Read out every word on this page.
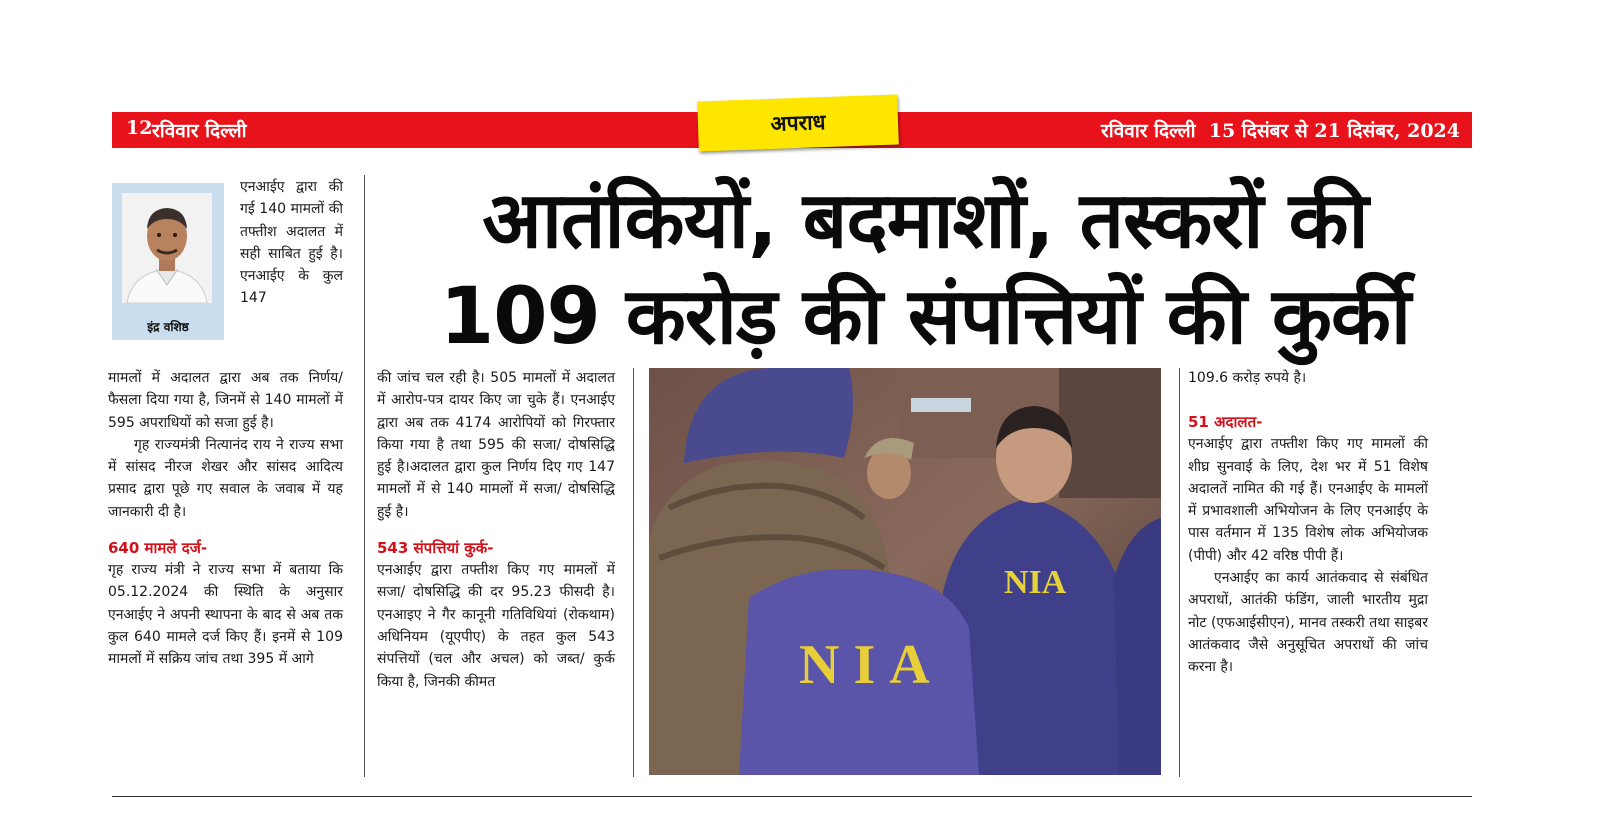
12 रविवार दिल्ली	रविवार दिल्ली 15 दिसंबर से 21 दिसंबर, 2024
अपराध
आतंकियों, बदमाशों, तस्करों की
109 करोड़ की संपत्तियों की कुर्की
इंद्र वशिष्ठ

एनआईए द्वारा की गई 140 मामलों की तफ्तीश अदालत में सही साबित हुई है। एनआईए के कुल 147

मामलों में अदालत द्वारा अब तक निर्णय/ फैसला दिया गया है, जिनमें से 140 मामलों में 595 अपराधियों को सजा हुई है।

गृह राज्यमंत्री नित्यानंद राय ने राज्य सभा में सांसद नीरज शेखर और सांसद आदित्य प्रसाद द्वारा पूछे गए सवाल के जवाब में यह जानकारी दी है।

640 मामले दर्ज-

गृह राज्य मंत्री ने राज्य सभा में बताया कि 05.12.2024 की स्थिति के अनुसार एनआईए ने अपनी स्थापना के बाद से अब तक कुल 640 मामले दर्ज किए हैं। इनमें से 109 मामलों में सक्रिय जांच तथा 395 में आगे

की जांच चल रही है। 505 मामलों में अदालत में आरोप-पत्र दायर किए जा चुके हैं। एनआईए द्वारा अब तक 4174 आरोपियों को गिरफ्तार किया गया है तथा 595 की सजा/ दोषसिद्धि हुई है।अदालत द्वारा कुल निर्णय दिए गए 147 मामलों में से 140 मामलों में सजा/ दोषसिद्धि हुई है।

543 संपत्तियां कुर्क-

एनआईए द्वारा तफ्तीश किए गए मामलों में सजा/ दोषसिद्धि की दर 95.23 फीसदी है। एनआइए ने गैर कानूनी गतिविधियां (रोकथाम) अधिनियम (यूएपीए) के तहत कुल 543 संपत्तियों (चल और अचल) को जब्त/ कुर्क किया है, जिनकी कीमत

NIA
NIA

109.6 करोड़ रुपये है।

51 अदालत-

एनआईए द्वारा तफ्तीश किए गए मामलों की शीघ्र सुनवाई के लिए, देश भर में 51 विशेष अदालतें नामित की गई हैं। एनआईए के मामलों में प्रभावशाली अभियोजन के लिए एनआईए के पास वर्तमान में 135 विशेष लोक अभियोजक (पीपी) और 42 वरिष्ठ पीपी हैं।

एनआईए का कार्य आतंकवाद से संबंधित अपराधों, आतंकी फंडिंग, जाली भारतीय मुद्रा नोट (एफआईसीएन), मानव तस्करी तथा साइबर आतंकवाद जैसे अनुसूचित अपराधों की जांच करना है।
